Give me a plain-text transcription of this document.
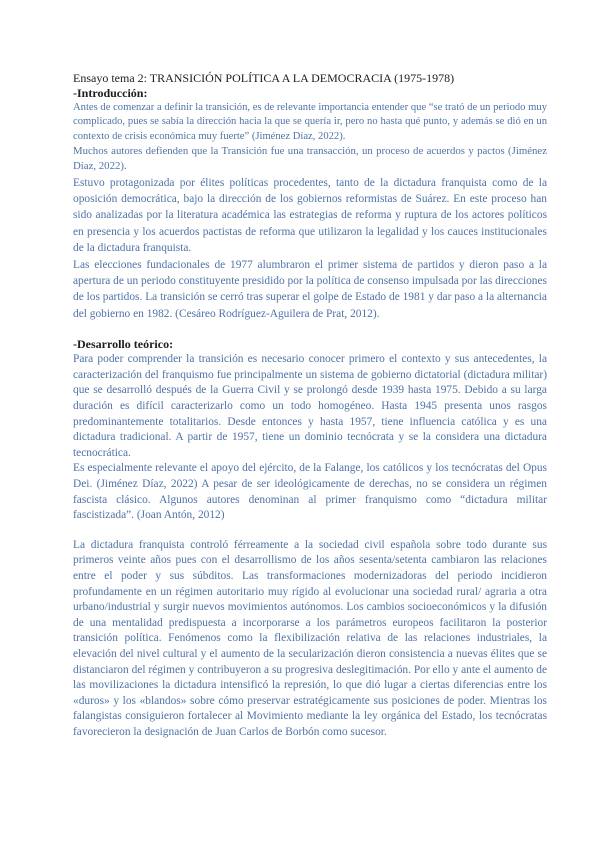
Ensayo tema 2: TRANSICIÓN POLÍTICA A LA DEMOCRACIA (1975-1978)

-Introducción:

Antes de comenzar a definir la transición, es de relevante importancia entender que “se trató de un periodo muy complicado, pues se sabía la dirección hacia la que se quería ir, pero no hasta qué punto, y además se dió en un contexto de crisis económica muy fuerte” (Jiménez Díaz, 2022).

Muchos autores defienden que la Transición fue una transacción, un proceso de acuerdos y pactos (Jiménez Díaz, 2022).

Estuvo protagonizada por élites políticas procedentes, tanto de la dictadura franquista como de la oposición democrática, bajo la dirección de los gobiernos reformistas de Suárez. En este proceso han sido analizadas por la literatura académica las estrategias de reforma y ruptura de los actores políticos en presencia y los acuerdos pactistas de reforma que utilizaron la legalidad y los cauces institucionales de la dictadura franquista.

Las elecciones fundacionales de 1977 alumbraron el primer sistema de partidos y dieron paso a la apertura de un periodo constituyente presidido por la política de consenso impulsada por las direcciones de los partidos. La transición se cerró tras superar el golpe de Estado de 1981 y dar paso a la alternancia del gobierno en 1982. (Cesáreo Rodríguez-Aguilera de Prat, 2012).

-Desarrollo teórico:

Para poder comprender la transición es necesario conocer primero el contexto y sus antecedentes, la caracterización del franquismo fue principalmente un sistema de gobierno dictatorial (dictadura militar) que se desarrolló después de la Guerra Civil y se prolongó desde 1939 hasta 1975. Debido a su larga duración es difícil caracterizarlo como un todo homogéneo. Hasta 1945 presenta unos rasgos predominantemente totalitarios. Desde entonces y hasta 1957, tiene influencia católica y es una dictadura tradicional. A partir de 1957, tiene un dominio tecnócrata y se la considera una dictadura tecnocrática.

Es especialmente relevante el apoyo del ejército, de la Falange, los católicos y los tecnócratas del Opus Dei. (Jiménez Díaz, 2022) A pesar de ser ideológicamente de derechas, no se considera un régimen fascista clásico. Algunos autores denominan al primer franquismo como “dictadura militar fascistizada”. (Joan Antón, 2012)

La dictadura franquista controló férreamente a la sociedad civil española sobre todo durante sus primeros veinte años pues con el desarrollismo de los años sesenta/setenta cambiaron las relaciones entre el poder y sus súbditos. Las transformaciones modernizadoras del periodo incidieron profundamente en un régimen autoritario muy rígido al evolucionar una sociedad rural/ agraria a otra urbano/industrial y surgir nuevos movimientos autónomos. Los cambios socioeconómicos y la difusión de una mentalidad predispuesta a incorporarse a los parámetros europeos facilitaron la posterior transición política. Fenómenos como la flexibilización relativa de las relaciones industriales, la elevación del nivel cultural y el aumento de la secularización dieron consistencia a nuevas élites que se distanciaron del régimen y contribuyeron a su progresiva deslegitimación. Por ello y ante el aumento de las movilizaciones la dictadura intensificó la represión, lo que dió lugar a ciertas diferencias entre los «duros» y los «blandos» sobre cómo preservar estratégicamente sus posiciones de poder. Mientras los falangistas consiguieron fortalecer al Movimiento mediante la ley orgánica del Estado, los tecnócratas favorecieron la designación de Juan Carlos de Borbón como sucesor.
